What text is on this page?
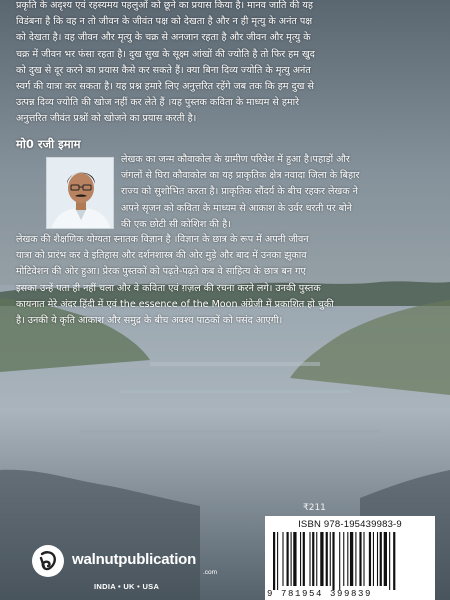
प्रकृति के अदृश्य एवं रहस्यमय पहलुओं को छूने का प्रयास किया है। मानव जाति की यह
विडंबना है कि वह न तो जीवन के जीवंत पक्ष को देखता है और न ही मृत्यु के अनंत पक्ष
को देखता है। वह जीवन और मृत्यु के चक्र से अनजान रहता है और जीवन और मृत्यु के
चक्र में जीवन भर फंसा रहता है। दुख सुख के सूक्ष्म आंखों की ज्योति है तो फिर हम खुद
को दुख से दूर करने का प्रयास कैसे कर सकते हैं। क्या बिना दिव्य ज्योति के मृत्यु अनंत
स्वर्ग की यात्रा कर सकता है। यह प्रश्न हमारे लिए अनुत्तरित रहेंगे जब तक कि हम दुख से
उत्पन्न दिव्य ज्योति की खोज नहीं कर लेते हैं ।यह पुस्तक कविता के माध्यम से हमारे
अनुत्तरित जीवंत प्रश्नों को खोजने का प्रयास करती है।
मो0 रजी इमाम
लेखक का जन्म कौवाकोल के ग्रामीण परिवेश में हुआ है।पहाड़ों और
जंगलों से घिरा कौवाकोल का यह प्राकृतिक क्षेत्र नवादा जिला के बिहार
राज्य को सुशोभित करता है। प्राकृतिक सौंदर्य के बीच रहकर लेखक ने
अपने सृजन को कविता के माध्यम से आकाश के उर्वर धरती पर बोने
की एक छोटी सी कोशिश की है।
लेखक की शैक्षणिक योग्यता स्नातक विज्ञान है ।विज्ञान के छात्र के रूप में अपनी जीवन
यात्रा को प्रारंभ कर वे इतिहास और दर्शनशास्त्र की ओर मुड़े और बाद में उनका झुकाव
मोटिवेशन की ओर हुआ। प्रेरक पुस्तकों को पढ़ते-पढ़ते कब वे साहित्य के छात्र बन गए
इसका उन्हें पता ही नहीं चला और वे कविता एवं ग़ज़ल की रचना करने लगे। उनकी पुस्तक
कायनात मेरे अंदर हिंदी में एवं the essence of the Moon अंग्रेजी में प्रकाशित हो चुकी
है। उनकी ये कृति आकाश और समुद्र के बीच अवश्य पाठकों को पसंद आएगी।
₹211
ISBN 978-195439983-9
9 781954 399839
walnutpublication
.com
INDIA • UK • USA
